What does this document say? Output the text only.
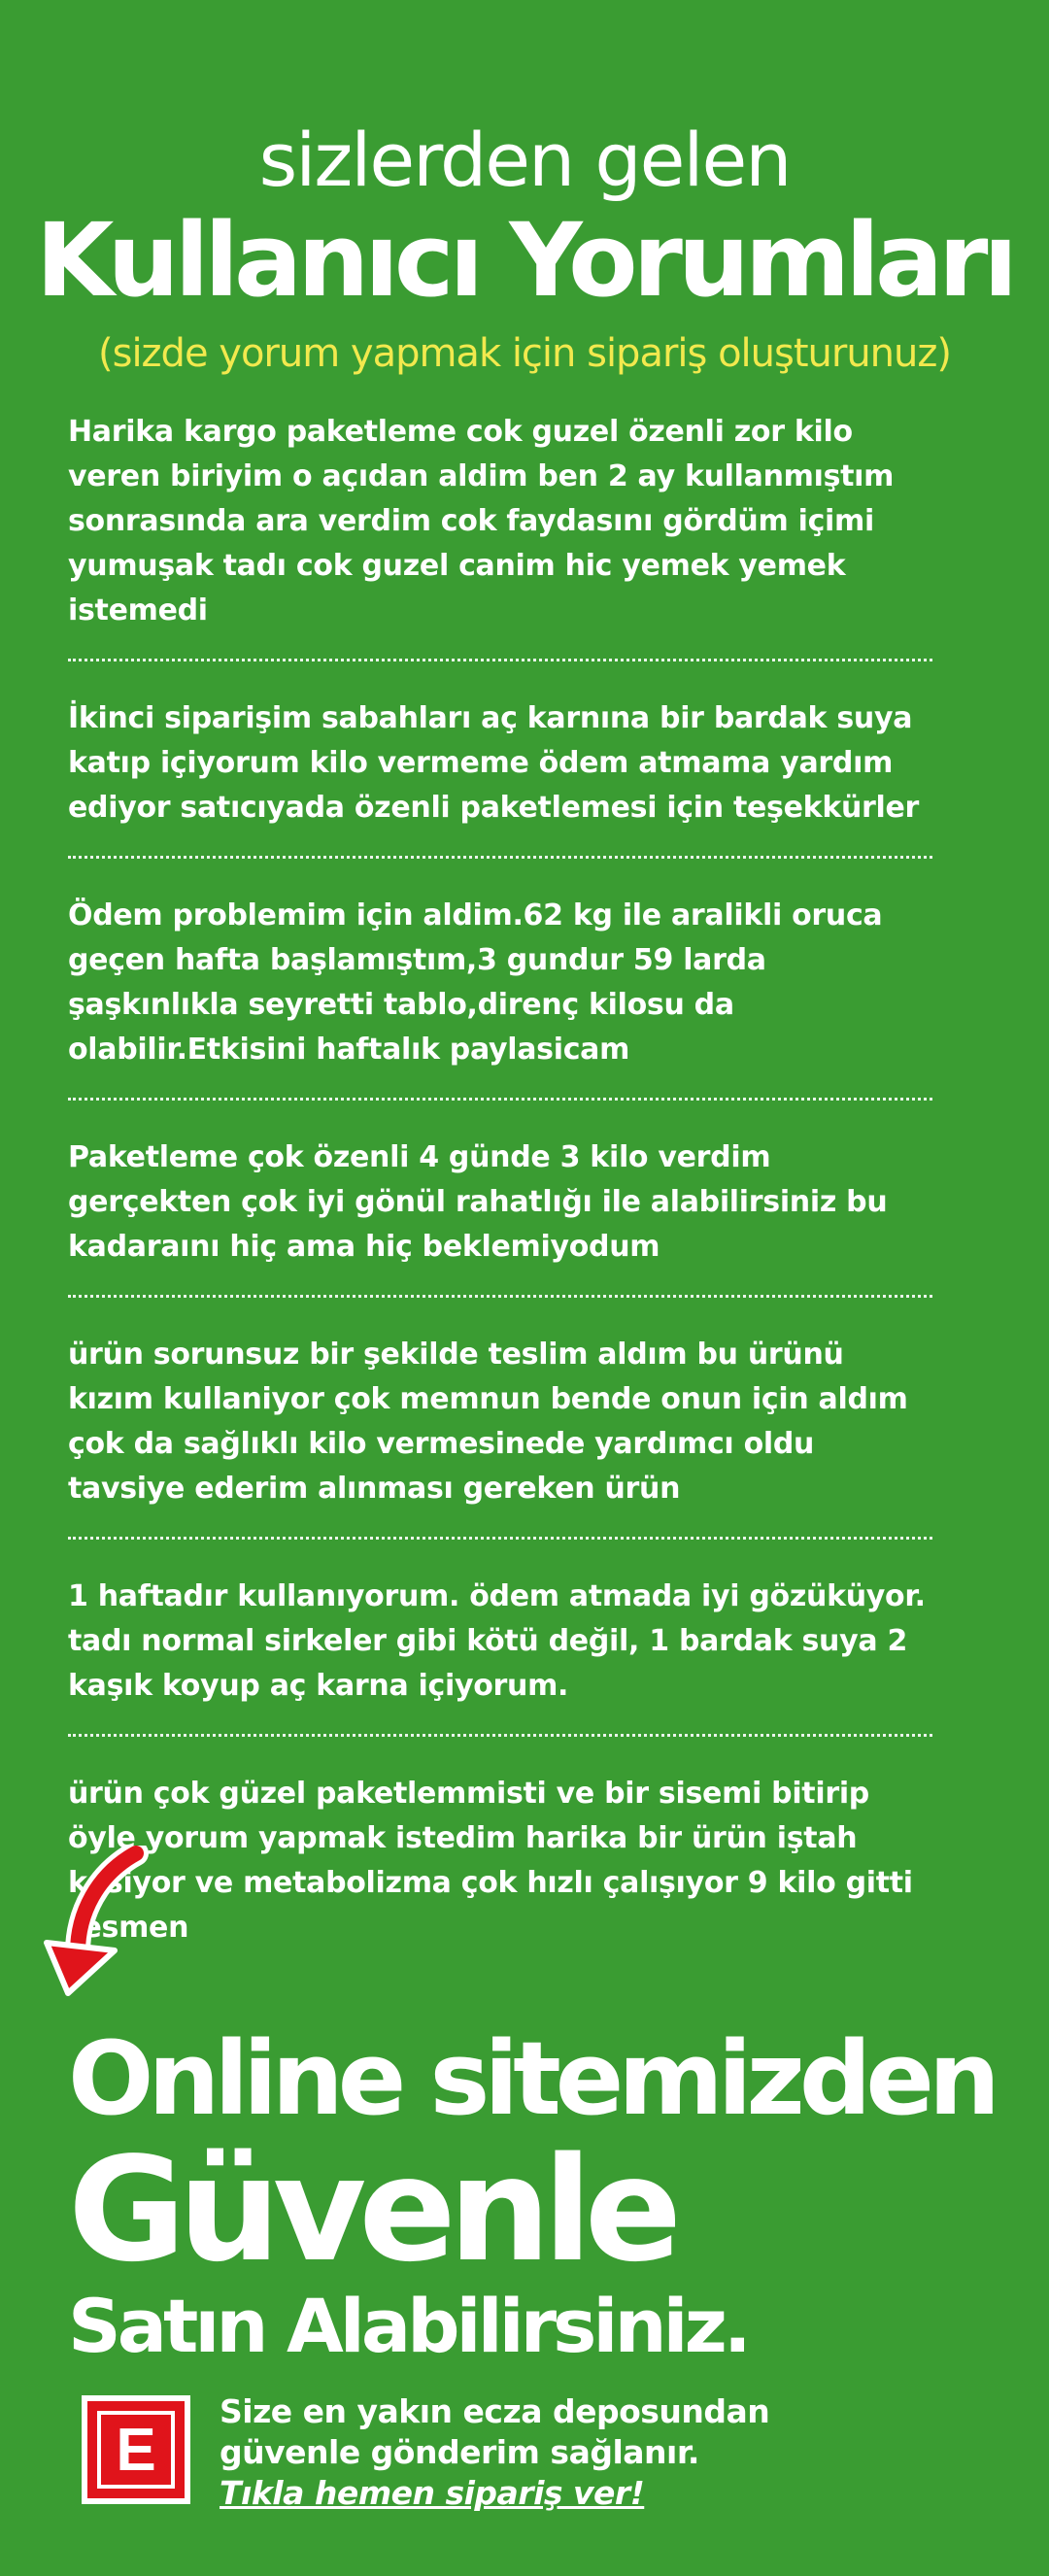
sizlerden gelen
Kullanıcı Yorumları
(sizde yorum yapmak için sipariş oluşturunuz)
Harika kargo paketleme cok guzel özenli zor kilo veren biriyim o açıdan aldim ben 2 ay kullanmıştım sonrasında ara verdim cok faydasını gördüm içimi yumuşak tadı cok guzel canim hic yemek yemek istemedi
İkinci siparişim sabahları aç karnına bir bardak suya katıp içiyorum kilo vermeme ödem atmama yardım ediyor satıcıyada özenli paketlemesi için teşekkürler
Ödem problemim için aldim.62 kg ile aralikli oruca geçen hafta başlamıştım,3 gundur 59 larda şaşkınlıkla seyretti tablo,direnç kilosu da olabilir.Etkisini haftalık paylasicam
Paketleme çok özenli 4 günde 3 kilo verdim gerçekten çok iyi gönül rahatlığı ile alabilirsiniz bu kadaraını hiç ama hiç beklemiyodum
ürün sorunsuz bir şekilde teslim aldım bu ürünü kızım kullaniyor çok memnun bende onun için aldım çok da sağlıklı kilo vermesinede yardımcı oldu tavsiye ederim alınması gereken ürün
1 haftadır kullanıyorum. ödem atmada iyi gözüküyor. tadı normal sirkeler gibi kötü değil, 1 bardak suya 2 kaşık koyup aç karna içiyorum.
ürün çok güzel paketlemmisti ve bir sisemi bitirip öyle yorum yapmak istedim harika bir ürün iştah kesiyor ve metabolizma çok hızlı çalışıyor 9 kilo gitti resmen
Online sitemizden
Güvenle
Satın Alabilirsiniz.
E
Size en yakın ecza deposundan
güvenle gönderim sağlanır.
Tıkla hemen sipariş ver!
